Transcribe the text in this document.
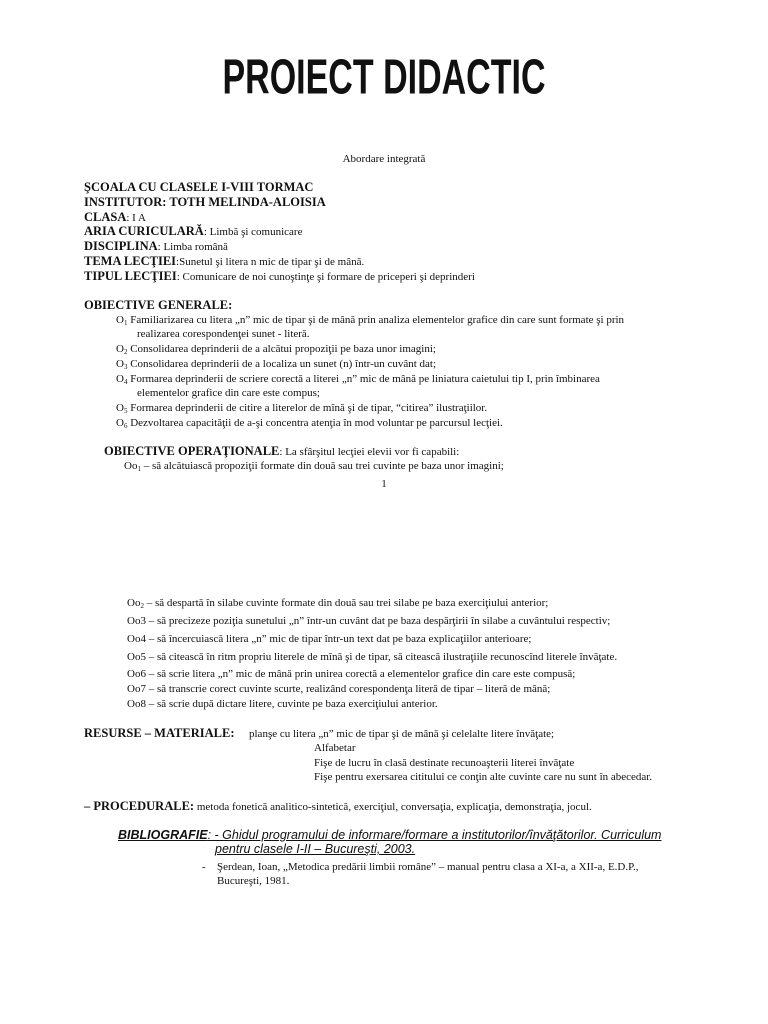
PROIECT DIDACTIC
Abordare integrată
ŞCOALA CU CLASELE I-VIII TORMAC
INSTITUTOR: TOTH MELINDA-ALOISIA
CLASA: I A
ARIA CURICULARĂ: Limbă şi comunicare
DISCIPLINA: Limba română
TEMA LECŢIEI:Sunetul şi litera n mic de tipar şi de mână.
TIPUL LECŢIEI: Comunicare de noi cunoştinţe şi formare de priceperi şi deprinderi
OBIECTIVE GENERALE:
$O_1$ Familiarizarea cu litera „n” mic de tipar şi de mână prin analiza elementelor grafice din care sunt formate şi prin
realizarea corespondenţei sunet - literă.
$O_2$ Consolidarea deprinderii de a alcătui propoziţii pe baza unor imagini;
$O_3$ Consolidarea deprinderii de a localiza un sunet (n) într-un cuvânt dat;
$O_4$ Formarea deprinderii de scriere corectă a literei „n” mic de mână pe liniatura caietului tip I, prin îmbinarea
elementelor grafice din care este compus;
$O_5$ Formarea deprinderii de citire a literelor de mînă şi de tipar, “citirea” ilustraţiilor.
$O_6$ Dezvoltarea capacităţii de a-şi concentra atenţia în mod voluntar pe parcursul lecţiei.
OBIECTIVE OPERAŢIONALE: La sfârşitul lecţiei elevii vor fi capabili:
$Oo_1$ – să alcătuiască propoziţii formate din două sau trei cuvinte pe baza unor imagini;
1
$Oo_2$ – să despartă în silabe cuvinte formate din două sau trei silabe pe baza exerciţiului anterior;
Oo3 – să precizeze poziţia sunetului „n” într-un cuvânt dat pe baza despărţirii în silabe a cuvântului respectiv;
Oo4 – să încercuiască litera „n” mic de tipar într-un text dat pe baza explicaţiilor anterioare;
Oo5 – să citească în ritm propriu literele de mînă şi de tipar, să citească ilustraţiile recunoscînd literele învăţate.
Oo6 – să scrie litera „n” mic de mână prin unirea corectă a elementelor grafice din care este compusă;
Oo7 – să transcrie corect cuvinte scurte, realizând corespondenţa literă de tipar – literă de mână;
Oo8 – să scrie după dictare litere, cuvinte pe baza exerciţiului anterior.
RESURSE – MATERIALE: planşe cu litera „n” mic de tipar şi de mână şi celelalte litere învăţate;
Alfabetar
Fişe de lucru în clasă destinate recunoaşterii literei învăţate
Fişe pentru exersarea cititului ce conţin alte cuvinte care nu sunt în abecedar.
– PROCEDURALE: metoda fonetică analitico-sintetică, exerciţiul, conversaţia, explicaţia, demonstraţia, jocul.
BIBLIOGRAFIE: - Ghidul programului de informare/formare a institutorilor/învăţătorilor. Curriculum
pentru clasele I-II – Bucureşti, 2003.
- Şerdean, Ioan, „Metodica predării limbii române” – manual pentru clasa a XI-a, a XII-a, E.D.P.,
Bucureşti, 1981.
